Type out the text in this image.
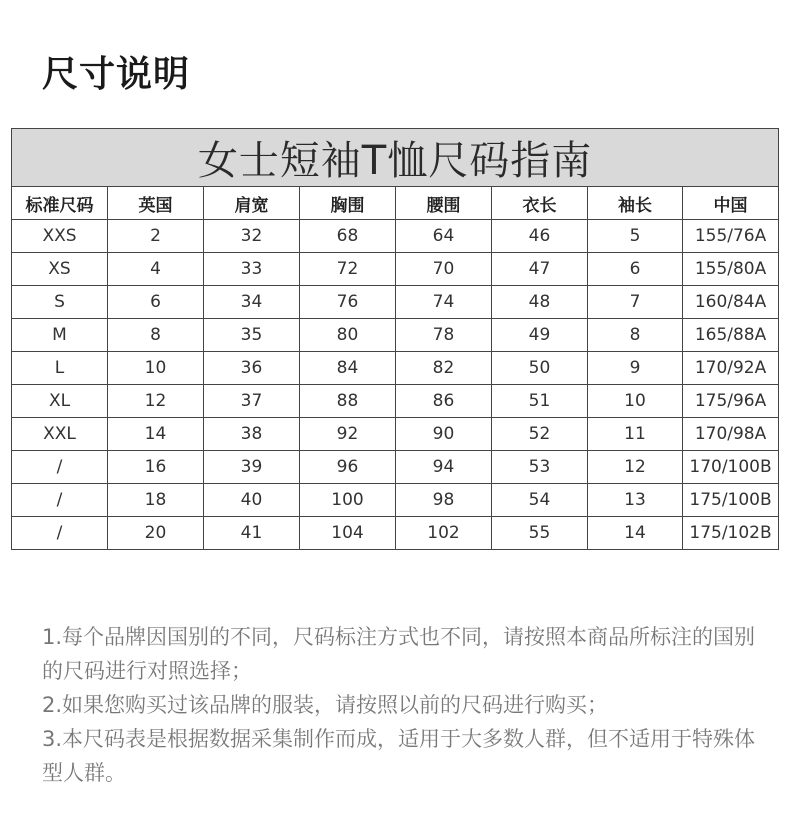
尺寸说明
女士短袖T恤尺码指南							
标准尺码	英国	肩宽	胸围	腰围	衣长	袖长	中国
XXS	2	32	68	64	46	5	155/76A
XS	4	33	72	70	47	6	155/80A
S	6	34	76	74	48	7	160/84A
M	8	35	80	78	49	8	165/88A
L	10	36	84	82	50	9	170/92A
XL	12	37	88	86	51	10	175/96A
XXL	14	38	92	90	52	11	170/98A
/	16	39	96	94	53	12	170/100B
/	18	40	100	98	54	13	175/100B
/	20	41	104	102	55	14	175/102B

1.每个品牌因国别的不同，尺码标注方式也不同，请按照本商品所标注的国别的尺码进行对照选择；

2.如果您购买过该品牌的服装，请按照以前的尺码进行购买；

3.本尺码表是根据数据采集制作而成，适用于大多数人群，但不适用于特殊体型人群。
